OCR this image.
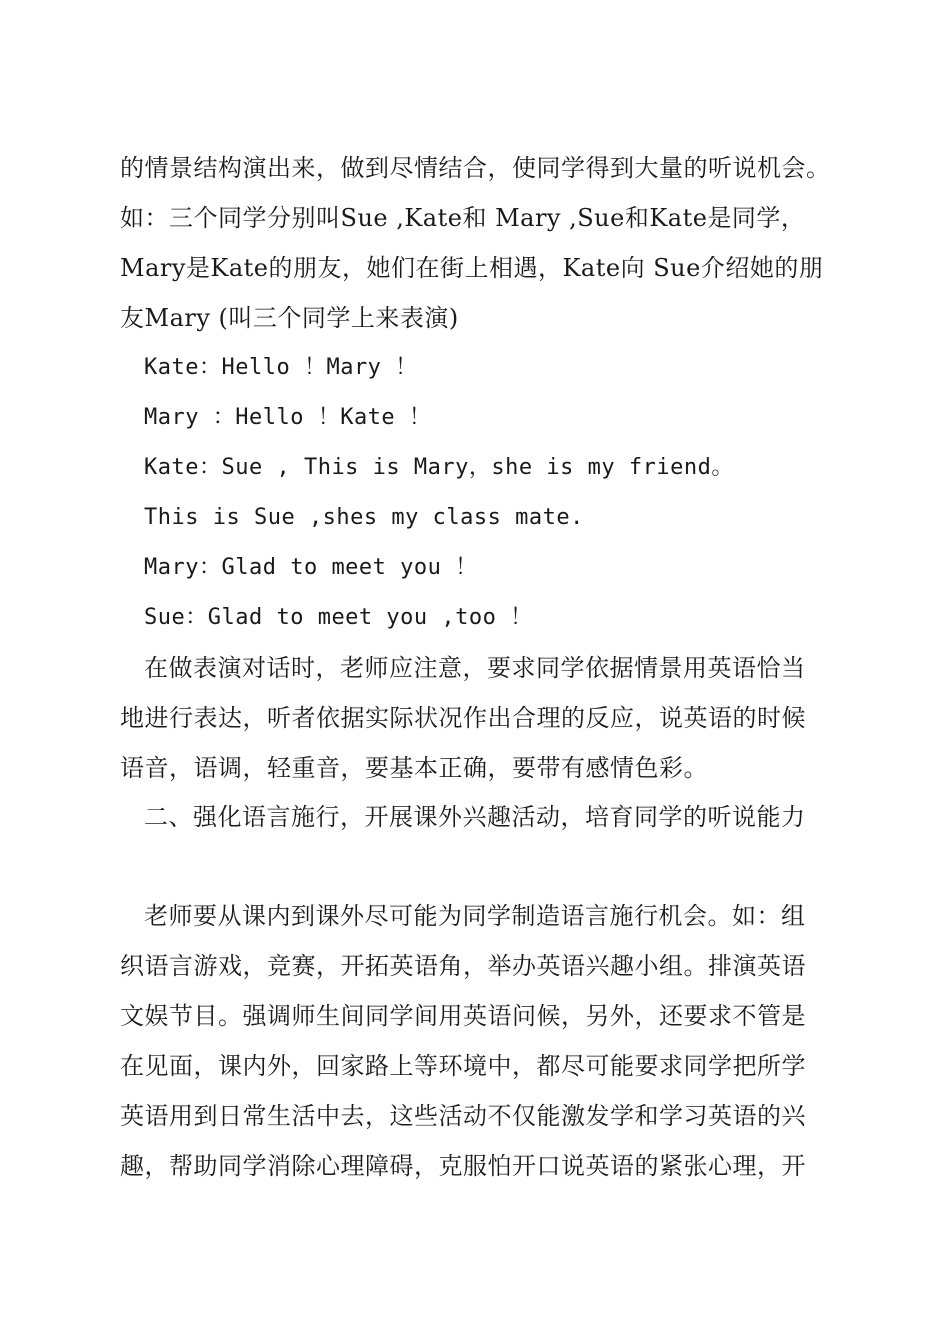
的情景结构演出来，做到尽情结合，使同学得到大量的听说机会。
如：三个同学分别叫Sue ,Kate和 Mary ,Sue和Kate是同学，
Mary是Kate的朋友，她们在街上相遇，Kate向 Sue介绍她的朋
友Mary (叫三个同学上来表演)
Kate：Hello ！Mary ！
Mary ：Hello ！Kate ！
Kate：Sue , This is Mary，she is my friend。
This is Sue ,shes my class mate.
Mary：Glad to meet you ！
Sue：Glad to meet you ,too ！
在做表演对话时，老师应注意，要求同学依据情景用英语恰当
地进行表达，听者依据实际状况作出合理的反应，说英语的时候
语音，语调，轻重音，要基本正确，要带有感情色彩。
二、强化语言施行，开展课外兴趣活动，培育同学的听说能力
老师要从课内到课外尽可能为同学制造语言施行机会。如：组
织语言游戏，竞赛，开拓英语角，举办英语兴趣小组。排演英语
文娱节目。强调师生间同学间用英语问候，另外，还要求不管是
在见面，课内外，回家路上等环境中，都尽可能要求同学把所学
英语用到日常生活中去，这些活动不仅能激发学和学习英语的兴
趣，帮助同学消除心理障碍，克服怕开口说英语的紧张心理，开
